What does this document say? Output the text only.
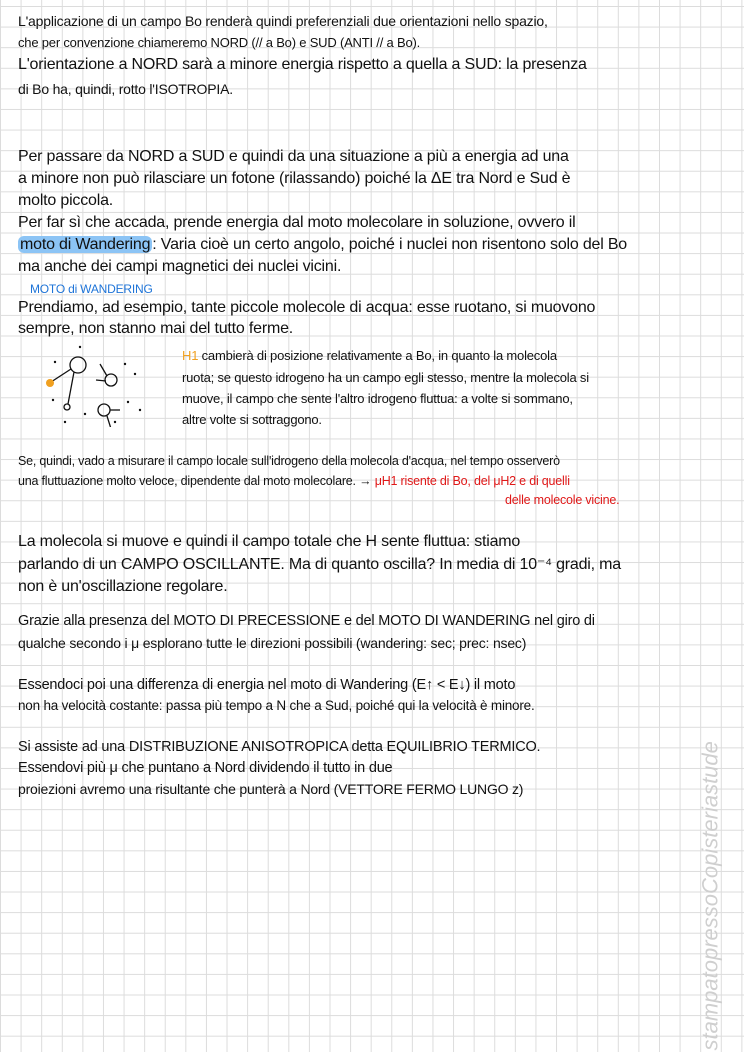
L'applicazione di un campo Bo renderà quindi preferenziali due orientazioni nello spazio,
che per convenzione chiameremo NORD (// a Bo) e SUD (ANTI // a Bo).
L'orientazione a NORD sarà a minore energia rispetto a quella a SUD: la presenza
di Bo ha, quindi, rotto l'ISOTROPIA.
Per passare da NORD a SUD e quindi da una situazione a più a energia ad una
a minore non può rilasciare un fotone (rilassando) poiché la ΔE tra Nord e Sud è
molto piccola.
Per far sì che accada, prende energia dal moto molecolare in soluzione, ovvero il
moto di Wandering : Varia cioè un certo angolo, poiché i nuclei non risentono solo del Bo
ma anche dei campi magnetici dei nuclei vicini.
MOTO di WANDERING
Prendiamo, ad esempio, tante piccole molecole di acqua: esse ruotano, si muovono
sempre, non stanno mai del tutto ferme.
H1 cambierà di posizione relativamente a Bo, in quanto la molecola
ruota; se questo idrogeno ha un campo egli stesso, mentre la molecola si
muove, il campo che sente l'altro idrogeno fluttua: a volte si sommano,
altre volte si sottraggono.
Se, quindi, vado a misurare il campo locale sull'idrogeno della molecola d'acqua, nel tempo osserverò
una fluttuazione molto veloce, dipendente dal moto molecolare. → μH1 risente di Bo, del μH2 e di quelli
delle molecole vicine.
La molecola si muove e quindi il campo totale che H sente fluttua: stiamo
parlando di un CAMPO OSCILLANTE. Ma di quanto oscilla? In media di 10⁻⁴ gradi, ma
non è un'oscillazione regolare.
Grazie alla presenza del MOTO DI PRECESSIONE e del MOTO DI WANDERING nel giro di
qualche secondo i μ esplorano tutte le direzioni possibili (wandering: sec; prec: nsec)
Essendoci poi una differenza di energia nel moto di Wandering (E↑ < E↓) il moto
non ha velocità costante: passa più tempo a N che a Sud, poiché qui la velocità è minore.
Si assiste ad una DISTRIBUZIONE ANISOTROPICA detta EQUILIBRIO TERMICO.
Essendovi più μ che puntano a Nord dividendo il tutto in due
proiezioni avremo una risultante che punterà a Nord (VETTORE FERMO LUNGO z)	stampatopressoCopisteriastude
